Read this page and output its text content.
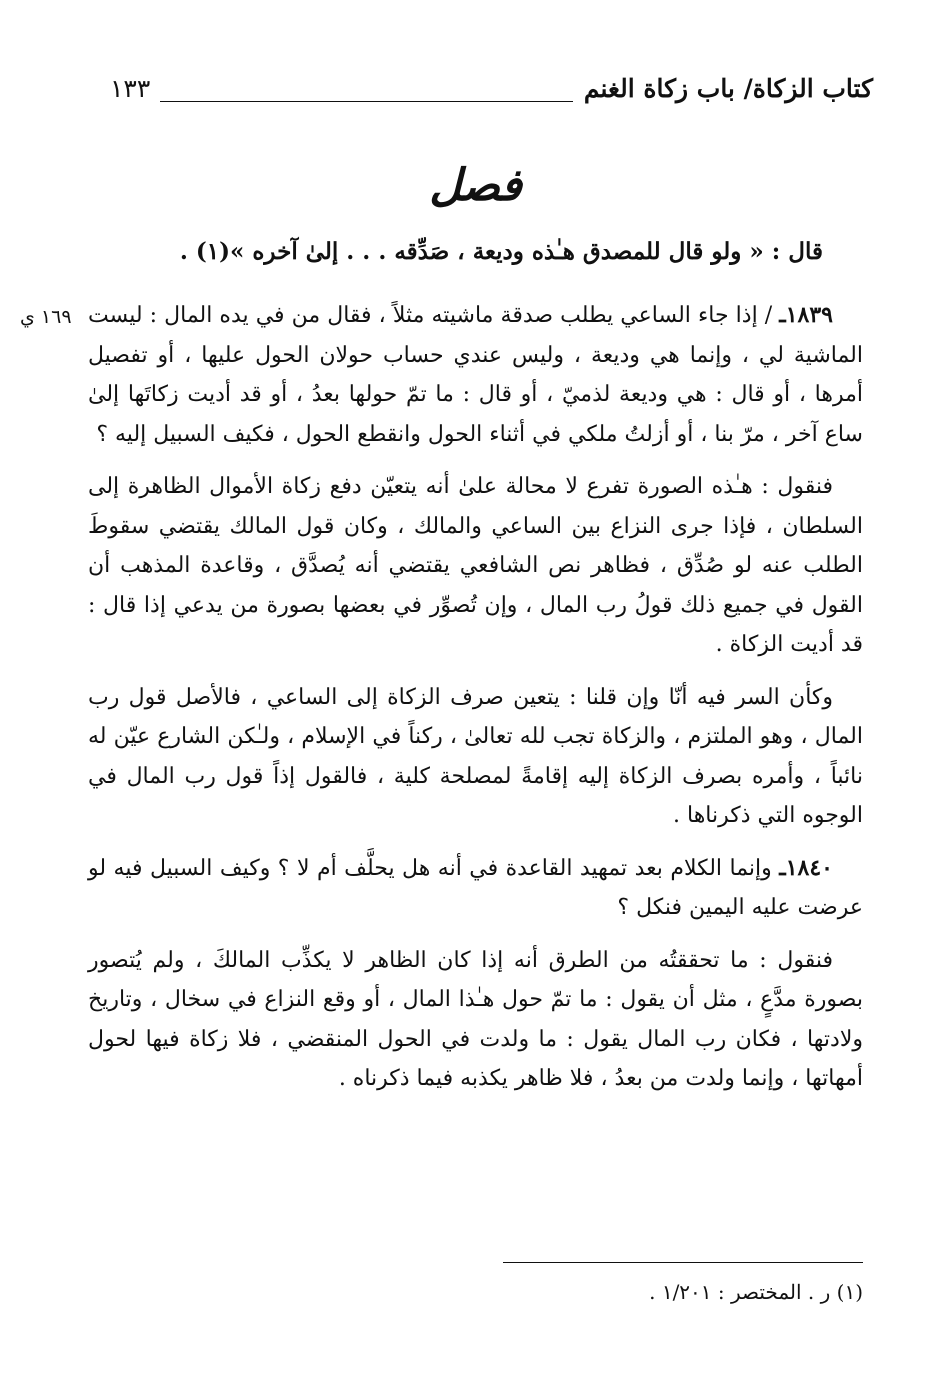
كتاب الزكاة/ باب زكاة الغنم
١٣٣
فصل
قال : « ولو قال للمصدق هـٰذه وديعة ، صَدِّقه . . . إلىٰ آخره »(١) .
١٦٩ ي	١٨٣٩ـ / إذا جاء الساعي يطلب صدقة ماشيته مثلاً ، فقال من في يده المال : ليست الماشية لي ، وإنما هي وديعة ، وليس عندي حساب حولان الحول عليها ، أو تفصيل أمرها ، أو قال : هي وديعة لذميّ ، أو قال : ما تمّ حولها بعدُ ، أو قد أديت زكاتَها إلىٰ ساع آخر ، مرّ بنا ، أو أزلتُ ملكي في أثناء الحول وانقطع الحول ، فكيف السبيل إليه ؟

فنقول : هـٰذه الصورة تفرع لا محالة علىٰ أنه يتعيّن دفع زكاة الأموال الظاهرة إلى السلطان ، فإذا جرى النزاع بين الساعي والمالك ، وكان قول المالك يقتضي سقوطَ الطلب عنه لو صُدِّق ، فظاهر نص الشافعي يقتضي أنه يُصدَّق ، وقاعدة المذهب أن القول في جميع ذلك قولُ رب المال ، وإن تُصوِّر في بعضها بصورة من يدعي إذا قال : قد أديت الزكاة .

وكأن السر فيه أنّا وإن قلنا : يتعين صرف الزكاة إلى الساعي ، فالأصل قول رب المال ، وهو الملتزم ، والزكاة تجب لله تعالىٰ ، ركناً في الإسلام ، ولـٰكن الشارع عيّن له نائباً ، وأمره بصرف الزكاة إليه إقامةً لمصلحة كلية ، فالقول إذاً قول رب المال في الوجوه التي ذكرناها .

١٨٤٠ـ وإنما الكلام بعد تمهيد القاعدة في أنه هل يحلَّف أم لا ؟ وكيف السبيل فيه لو عرضت عليه اليمين فنكل ؟

فنقول : ما تحققتُه من الطرق أنه إذا كان الظاهر لا يكذِّب المالكَ ، ولم يُتصور بصورة مدَّعٍ ، مثل أن يقول : ما تمّ حول هـٰذا المال ، أو وقع النزاع في سخال ، وتاريخ ولادتها ، فكان رب المال يقول : ما ولدت في الحول المنقضي ، فلا زكاة فيها لحول أمهاتها ، وإنما ولدت من بعدُ ، فلا ظاهر يكذبه فيما ذكرناه .

(١) ر . المختصر : ١/٢٠١ .
